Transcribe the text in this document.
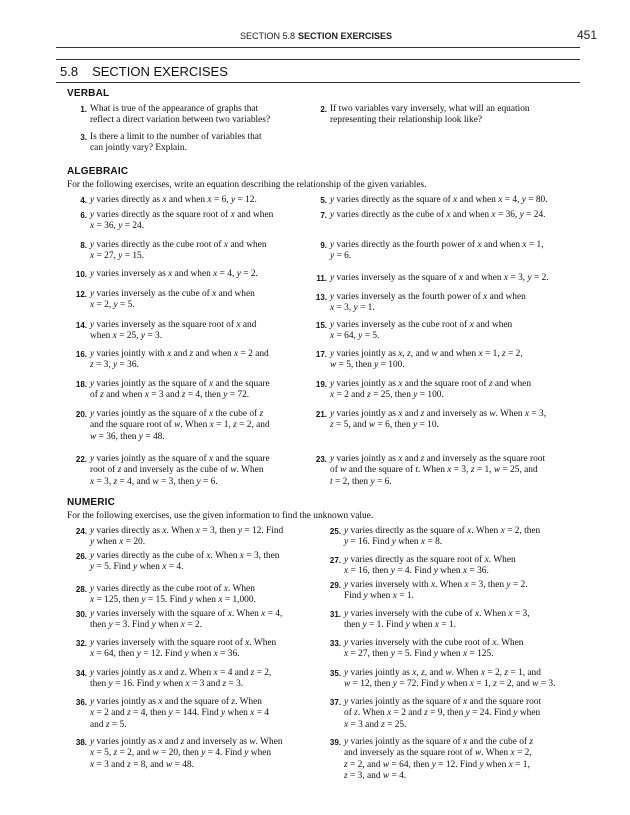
SECTION 5.8 SECTION EXERCISES	451
5.8 SECTION EXERCISES
VERBAL
1. What is true of the appearance of graphs that
reflect a direct variation between two variables?
2. If two variables vary inversely, what will an equation
representing their relationship look like?
3. Is there a limit to the number of variables that
can jointly vary? Explain.
ALGEBRAIC
For the following exercises, write an equation describing the relationship of the given variables.
4. y varies directly as x and when x = 6, y = 12.	5. y varies directly as the square of x and when x = 4, y = 80.
6. y varies directly as the square root of x and when
x = 36, y = 24.
7. y varies directly as the cube of x and when x = 36, y = 24.
8. y varies directly as the cube root of x and when
x = 27, y = 15.
9. y varies directly as the fourth power of x and when x = 1,
y = 6.
10. y varies inversely as x and when x = 4, y = 2.	11. y varies inversely as the square of x and when x = 3, y = 2.
12. y varies inversely as the cube of x and when
x = 2, y = 5.
13. y varies inversely as the fourth power of x and when
x = 3, y = 1.
14. y varies inversely as the square root of x and
when x = 25, y = 3.
15. y varies inversely as the cube root of x and when
x = 64, y = 5.
16. y varies jointly with x and z and when x = 2 and
z = 3, y = 36.
17. y varies jointly as x, z, and w and when x = 1, z = 2,
w = 5, then y = 100.
18. y varies jointly as the square of x and the square
of z and when x = 3 and z = 4, then y = 72.
19. y varies jointly as x and the square root of z and when
x = 2 and z = 25, then y = 100.
20. y varies jointly as the square of x the cube of z
and the square root of w. When x = 1, z = 2, and
w = 36, then y = 48.
21. y varies jointly as x and z and inversely as w. When x = 3,
z = 5, and w = 6, then y = 10.
22. y varies jointly as the square of x and the square
root of z and inversely as the cube of w. When
x = 3, z = 4, and w = 3, then y = 6.
23. y varies jointly as x and z and inversely as the square root
of w and the square of t. When x = 3, z = 1, w = 25, and
t = 2, then y = 6.
NUMERIC
For the following exercises, use the given information to find the unknown value.
24. y varies directly as x. When x = 3, then y = 12. Find
y when x = 20.
25. y varies directly as the square of x. When x = 2, then
y = 16. Find y when x = 8.
26. y varies directly as the cube of x. When x = 3, then
y = 5. Find y when x = 4.
27. y varies directly as the square root of x. When
x = 16, then y = 4. Find y when x = 36.
28. y varies directly as the cube root of x. When
x = 125, then y = 15. Find y when x = 1,000.
29. y varies inversely with x. When x = 3, then y = 2.
Find y when x = 1.
30. y varies inversely with the square of x. When x = 4,
then y = 3. Find y when x = 2.
31. y varies inversely with the cube of x. When x = 3,
then y = 1. Find y when x = 1.
32. y varies inversely with the square root of x. When
x = 64, then y = 12. Find y when x = 36.
33. y varies inversely with the cube root of x. When
x = 27, then y = 5. Find y when x = 125.
34. y varies jointly as x and z. When x = 4 and z = 2,
then y = 16. Find y when x = 3 and z = 3.
35. y varies jointly as x, z, and w. When x = 2, z = 1, and
w = 12, then y = 72. Find y when x = 1, z = 2, and w = 3.
36. y varies jointly as x and the square of z. When
x = 2 and z = 4, then y = 144. Find y when x = 4
and z = 5.
37. y varies jointly as the square of x and the square root
of z. When x = 2 and z = 9, then y = 24. Find y when
x = 3 and z = 25.
38. y varies jointly as x and z and inversely as w. When
x = 5, z = 2, and w = 20, then y = 4. Find y when
x = 3 and z = 8, and w = 48.
39. y varies jointly as the square of x and the cube of z
and inversely as the square root of w. When x = 2,
z = 2, and w = 64, then y = 12. Find y when x = 1,
z = 3, and w = 4.
